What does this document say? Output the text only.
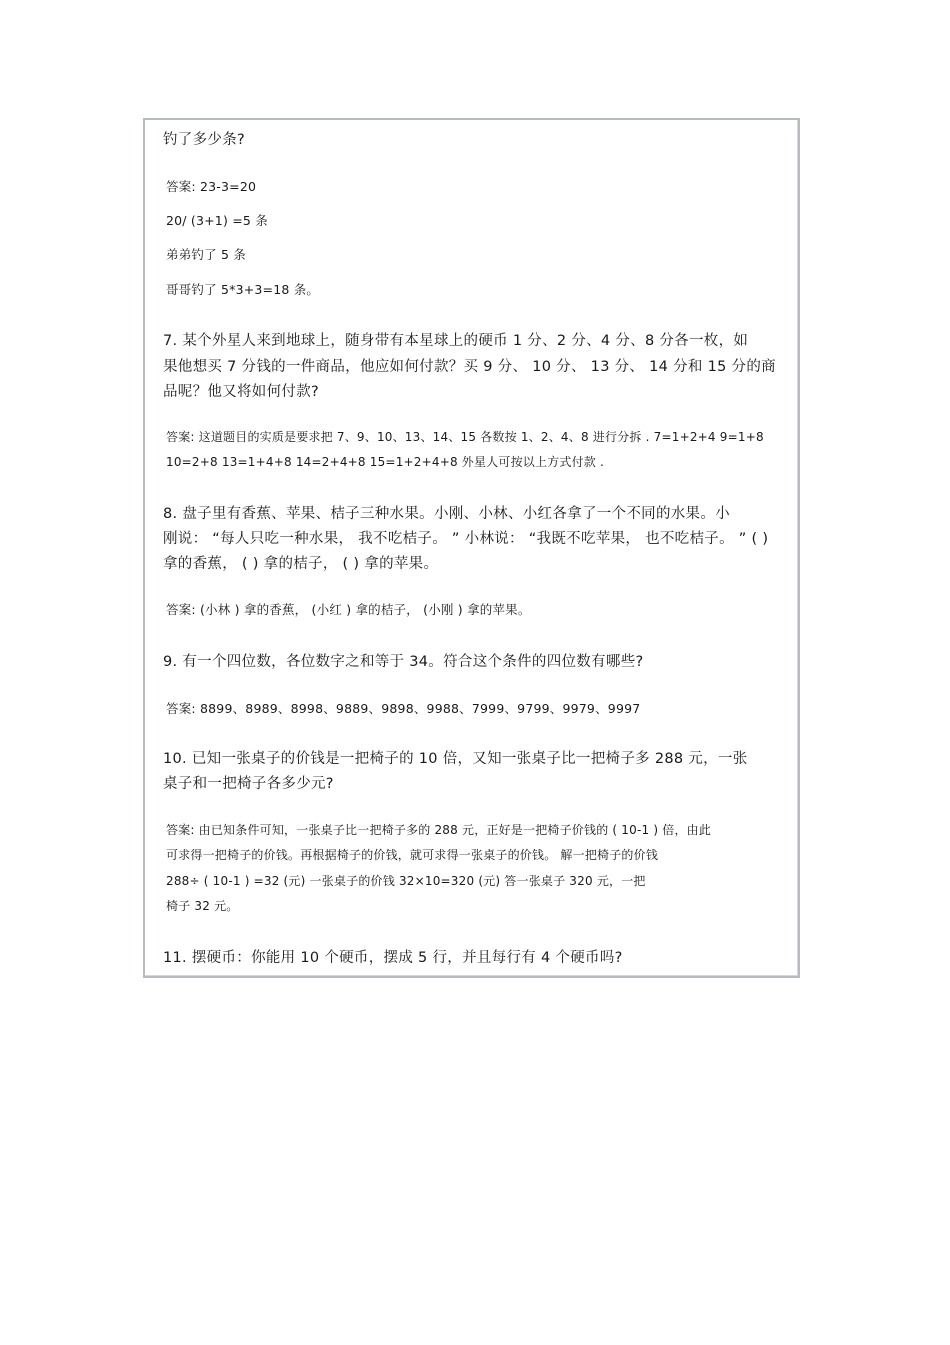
钓了多少条?
答案: 23-3=20
20/ (3+1) =5 条
弟弟钓了 5 条
哥哥钓了 5*3+3=18 条。
7. 某个外星人来到地球上，随身带有本星球上的硬币 1 分、2 分、4 分、8 分各一枚，如
果他想买 7 分钱的一件商品，他应如何付款？买 9 分、 10 分、 13 分、 14 分和 15 分的商
品呢？他又将如何付款?
答案: 这道题目的实质是要求把 7、9、10、13、14、15 各数按 1、2、4、8 进行分拆 . 7=1+2+4 9=1+8
10=2+8 13=1+4+8 14=2+4+8 15=1+2+4+8 外星人可按以上方式付款 .
8. 盘子里有香蕉、苹果、桔子三种水果。小刚、小林、小红各拿了一个不同的水果。小
刚说： “每人只吃一种水果， 我不吃桔子。 ” 小林说： “我既不吃苹果， 也不吃桔子。 ” ( )
拿的香蕉， ( ) 拿的桔子， ( ) 拿的苹果。
答案: (小林 ) 拿的香蕉， (小红 ) 拿的桔子， (小刚 ) 拿的苹果。
9. 有一个四位数，各位数字之和等于 34。符合这个条件的四位数有哪些?
答案: 8899、8989、8998、9889、9898、9988、7999、9799、9979、9997
10. 已知一张桌子的价钱是一把椅子的 10 倍，又知一张桌子比一把椅子多 288 元，一张
桌子和一把椅子各多少元?
答案: 由已知条件可知，一张桌子比一把椅子多的 288 元，正好是一把椅子价钱的 ( 10-1 ) 倍，由此
可求得一把椅子的价钱。再根据椅子的价钱，就可求得一张桌子的价钱。 解一把椅子的价钱
288÷ ( 10-1 ) =32 (元) 一张桌子的价钱 32×10=320 (元) 答一张桌子 320 元，一把
椅子 32 元。
11. 摆硬币：你能用 10 个硬币，摆成 5 行，并且每行有 4 个硬币吗?
